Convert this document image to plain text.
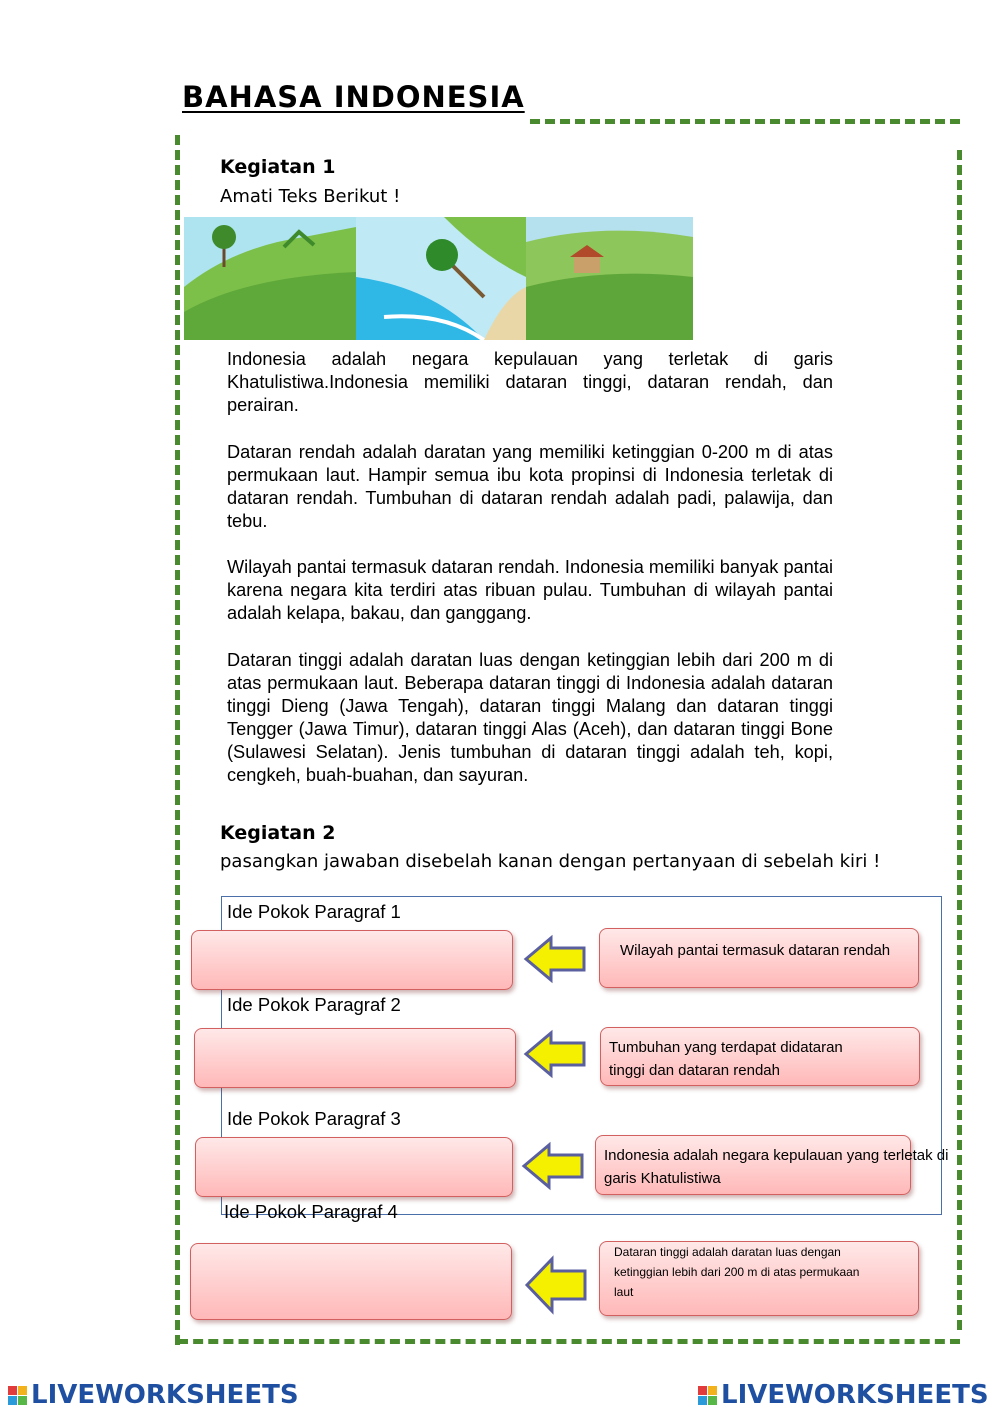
BAHASA INDONESIA

Kegiatan 1

Amati Teks Berikut !

Indonesia adalah negara kepulauan yang terletak di garis Khatulistiwa.Indonesia memiliki dataran tinggi, dataran rendah, dan perairan.

Dataran rendah adalah daratan yang memiliki ketinggian 0-200 m di atas permukaan laut. Hampir semua ibu kota propinsi di Indonesia terletak di dataran rendah. Tumbuhan di dataran rendah adalah padi, palawija, dan tebu.

Wilayah pantai termasuk dataran rendah. Indonesia memiliki banyak pantai karena negara kita terdiri atas ribuan pulau. Tumbuhan di wilayah pantai adalah kelapa, bakau, dan ganggang.

Dataran tinggi adalah daratan luas dengan ketinggian lebih dari 200 m di atas permukaan laut. Beberapa dataran tinggi di Indonesia adalah dataran tinggi Dieng (Jawa Tengah), dataran tinggi Malang dan dataran tinggi Tengger (Jawa Timur), dataran tinggi Alas (Aceh), dan dataran tinggi Bone (Sulawesi Selatan). Jenis tumbuhan di dataran tinggi adalah teh, kopi, cengkeh, buah-buahan, dan sayuran.

Kegiatan 2

pasangkan jawaban disebelah kanan dengan pertanyaan di sebelah kiri !

Ide Pokok Paragraf 1

Ide Pokok Paragraf 2

Ide Pokok Paragraf 3

Ide Pokok Paragraf 4

Wilayah pantai termasuk dataran rendah
Tumbuhan yang terdapat didataran
tinggi dan dataran rendah
Indonesia adalah negara kepulauan yang terletak di
garis Khatulistiwa
Dataran tinggi adalah daratan luas dengan
ketinggian lebih dari 200 m di atas permukaan
laut
LIVEWORKSHEETS	LIVEWORKSHEETS
